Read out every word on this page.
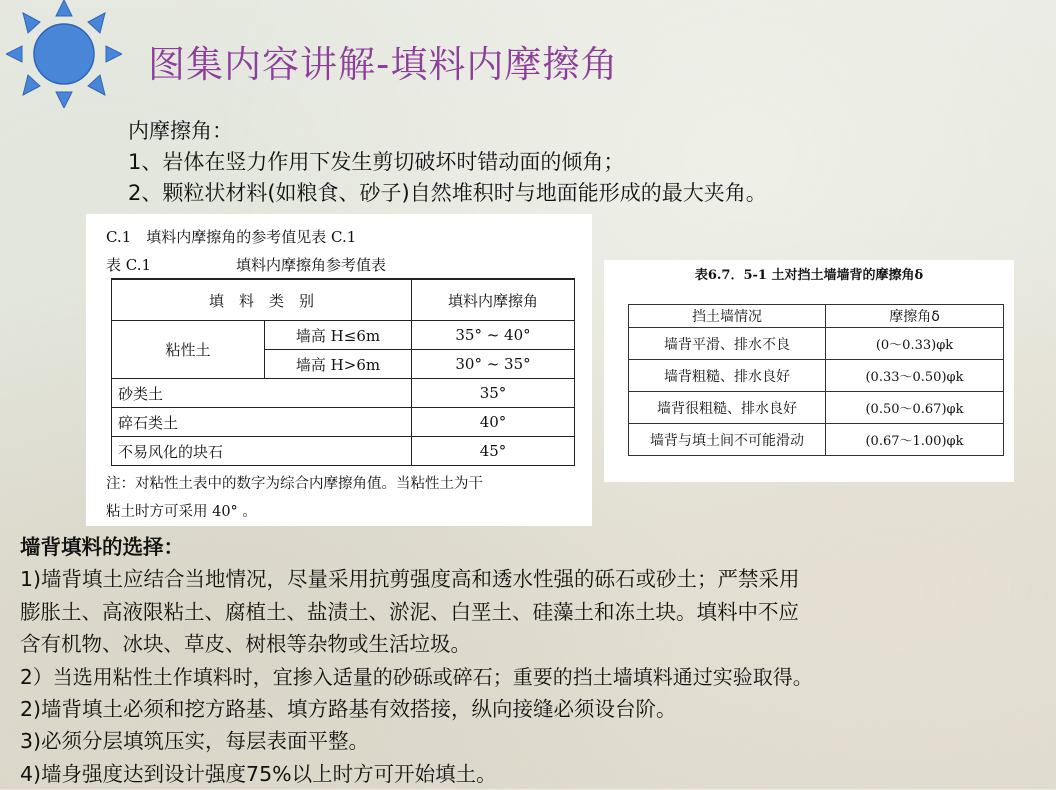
图集内容讲解-填料内摩擦角
内摩擦角：
1、岩体在竖力作用下发生剪切破坏时错动面的倾角；
2、颗粒状材料(如粮食、砂子)自然堆积时与地面能形成的最大夹角。
C.1　填料内摩擦角的参考值见表 C.1
表 C.1	填料内摩擦角参考值表
填　料　类　别		填料内摩擦角
粘性土	墙高 H≤6m	35° ~ 40°
	墙高 H>6m	30° ~ 35°
砂类土		35°
碎石类土		40°
不易风化的块石		45°
注：对粘性土表中的数字为综合内摩擦角值。当粘性土为干
粘土时方可采用 40° 。
表6.7．5-1 土对挡土墙墙背的摩擦角δ
挡土墙情况	摩擦角δ
墙背平滑、排水不良	(0～0.33)φk
墙背粗糙、排水良好	(0.33～0.50)φk
墙背很粗糙、排水良好	(0.50～0.67)φk
墙背与填土间不可能滑动	(0.67～1.00)φk
墙背填料的选择：
1)墙背填土应结合当地情况，尽量采用抗剪强度高和透水性强的砾石或砂土；严禁采用
膨胀土、高液限粘土、腐植土、盐渍土、淤泥、白垩土、硅藻土和冻土块。填料中不应
含有机物、冰块、草皮、树根等杂物或生活垃圾。
2）当选用粘性土作填料时，宜掺入适量的砂砾或碎石；重要的挡土墙填料通过实验取得。
2)墙背填土必须和挖方路基、填方路基有效搭接，纵向接缝必须设台阶。
3)必须分层填筑压实，每层表面平整。
4)墙身强度达到设计强度75%以上时方可开始填土。
